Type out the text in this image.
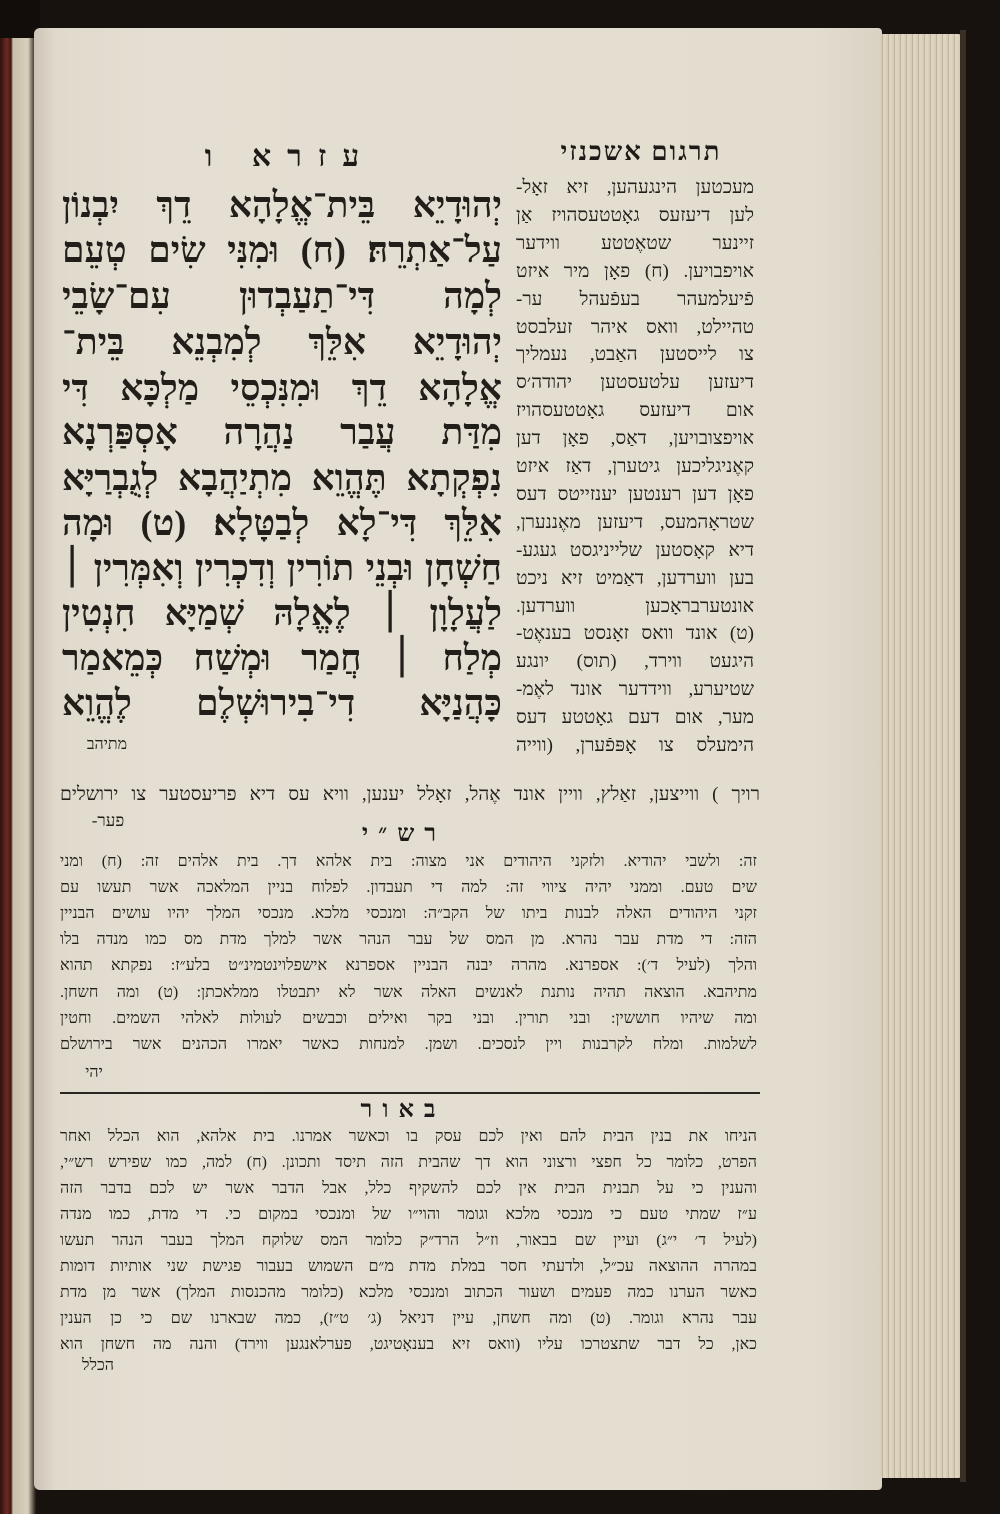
תרגום אשכנזי
עזרא ו
יְהוּדָיֵא בֵּית־אֱלָהָא דֵךְ יִבְנוֹן
עַל־אַתְרֵהּ׃ (ח) וּמִנִּי שִׂים טְעֵם
לְמָה דִּי־תַעַבְדוּן עִם־שָׂבֵי
יְהוּדָיֵא אִלֵּךְ לְמִבְנֵא בֵּית־
אֱלָהָא דֵךְ וּמִנִּכְסֵי מַלְכָּא דִּי
מִדַּת עֲבַר נַהֲרָה אָסְפַּרְנָא
נִפְקְתָא תֶּהֱוֵא מִתְיַהֲבָא לְגֻבְרַיָּא
אִלֵּךְ דִּי־לָא לְבַטָּלָא׃ (ט) וּמָה
חַשְׁחָן וּבְנֵי תוֹרִין וְדִכְרִין וְאִמְּרִין ׀
לַעֲלָוָן ׀ לֶאֱלָהּ שְׁמַיָּא חִנְטִין
מְלַח ׀ חֲמַר וּמְשַׁח כְּמֵאמַר
כָּהֲנַיָּא דִי־בִירוּשְׁלֶם לֶהֱוֵא
מתיהב
מעכטען הינגעהען, זיא זאָל-
לען דיעזעס גאָטטעסהויז אַן
זיינער שטאֶטטע ווידער
אויפבויען. (ח) פאָן מיר איזט
פֿיעלמעהר בעפֿעהל ער-
טהיילט, וואס איהר זעלבסט
צו לייסטען האַבט, נעמליך
דיעזען עלטעסטען יהודה׳ס
אום דיעזעס גאָטטעסהויז
אויפצובויען, דאַס, פאָן דען
קאֶניגליכען גיטערן, דאַז איזט
פאָן דען רענטען יענזייטס דעס
שטראָהמעס, דיעזען מאֶננערן,
דיא קאָסטען שלייניגסט געגע-
בען ווערדען, דאַמיט זיא ניכט
אונטערבראָכען ווערדען.
(ט) אונד וואס זאָנסט בענאֶט-
היגעט ווירד, (תוס) יונגע
שטיערע, ווידדער אונד לאֶמ-
מער, אום דעם גאָטטע דעס
הימעלס צו אָפּפֿערן, (ווייה
רויך ) ווייצען, זאַלץ, וויין אונד אֶהל, זאָלל יענען, וויא עס דיא פריעסטער צו ירושלים
פער-
רש״י
זה: ולשבי יהודיא. ולזקני היהודים אני מצוה: בית אלהא דך. בית אלהים זה: (ח) ומני
שים טעם. וממני יהיה ציווי זה: למה די תעבדון. לפלוח בניין המלאכה אשר תעשו עם
זקני היהודים האלה לבנות ביתו של הקב״ה: ומנכסי מלכא. מנכסי המלך יהיו עושים הבניין
הזה: די מדת עבר נהרא. מן המס של עבר הנהר אשר למלך מדת מס כמו מנדה בלו
והלך (לעיל ד׳): אספרנא. מהרה יבנה הבניין אספרנא אישפלוינטמינ״ט בלע״ז: נפקתא תהוא
מתיהבא. הוצאה תהיה נותנת לאנשים האלה אשר לא יתבטלו ממלאכתן: (ט) ומה חשחן.
ומה שיהיו חוששין: ובני תורין. ובני בקר ואילים וכבשים לעולות לאלהי השמים. וחטין
לשלמות. ומלח לקרבנות ויין לנסכים. ושמן. למנחות כאשר יאמרו הכהנים אשר בירושלם
יהי
באור
הניחו את בנין הבית להם ואין לכם עסק בו וכאשר אמרנו. בית אלהא, הוא הכלל ואחר
הפרט, כלומר כל חפצי ורצוני הוא דך שהבית הזה תיסד ותכונן. (ח) למה, כמו שפירש רש״י,
והענין כי על תבנית הבית אין לכם להשקיף כלל, אבל הדבר אשר יש לכם בדבר הזה
ע״ז שמתי טעם כי מנכסי מלכא וגומר והוי״ו של ומנכסי במקום כי. די מדת, כמו מנדה
(לעיל ד׳ י״ג) ועיין שם בבאור, וז״ל הרד״ק כלומר המס שלוקח המלך בעבר הנהר תעשו
במהרה ההוצאה עכ״ל, ולדעתי חסר במלת מדת מ״ם השמוש בעבור פגישת שני אותיות דומות
כאשר הערנו כמה פעמים ושעור הכתוב ומנכסי מלכא (כלומר מהכנסות המלך) אשר מן מדת
עבר נהרא וגומר. (ט) ומה חשחן, עיין דניאל (ג׳ ט״ז), כמה שבארנו שם כי כן הענין
כאן, כל דבר שתצטרכו עליו (וואס זיא בענאָטיגט, פערלאנגען ווירד) והנה מה חשחן הוא
הכלל
